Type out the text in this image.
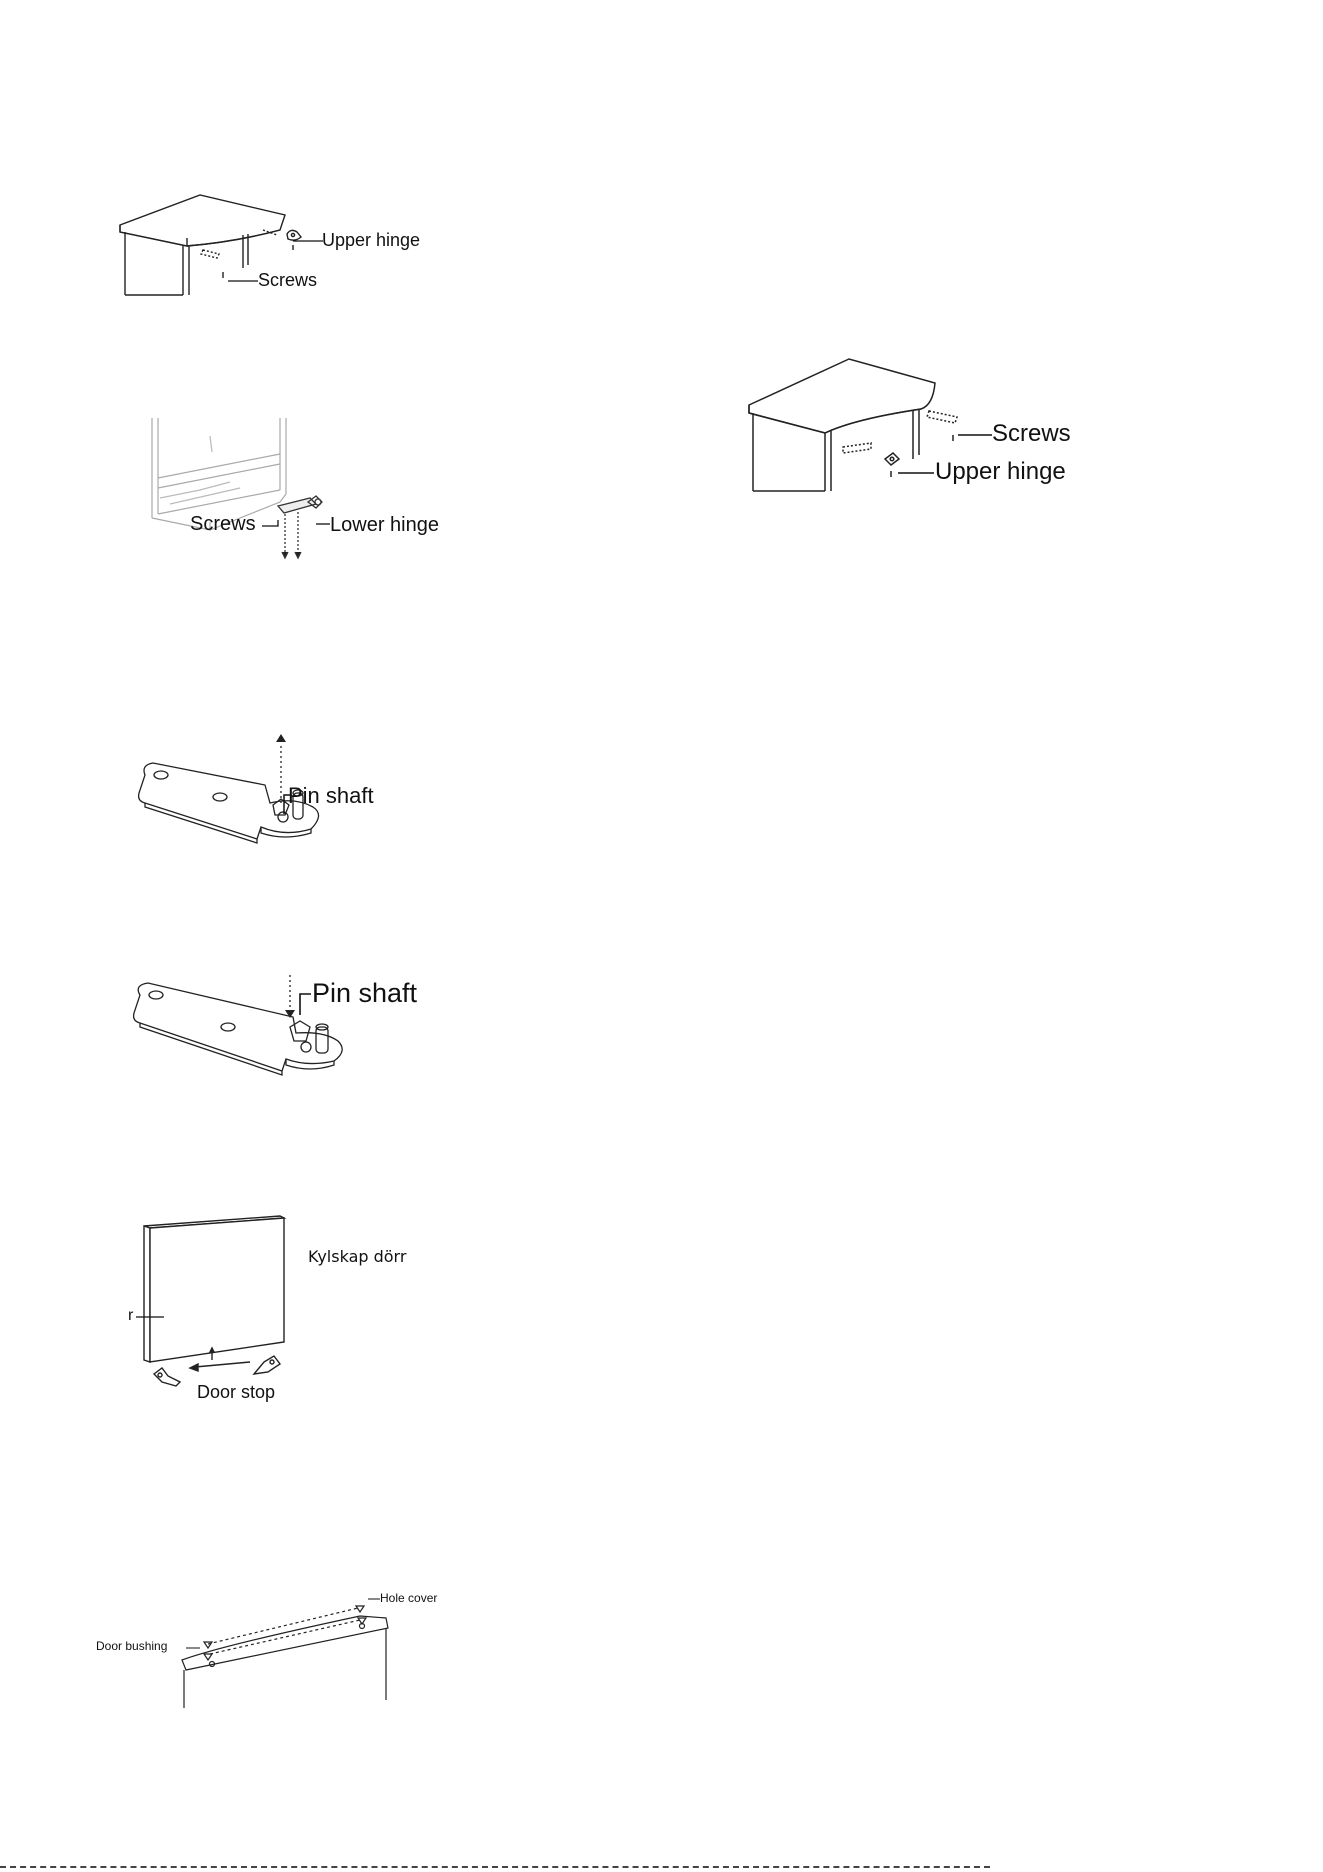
Upper hinge
Screws
Screws	Lower hinge
Pin shaft
Pin shaft
Kylskap dörr
r
Door stop
Hole cover
Door bushing
Screws
Upper hinge
